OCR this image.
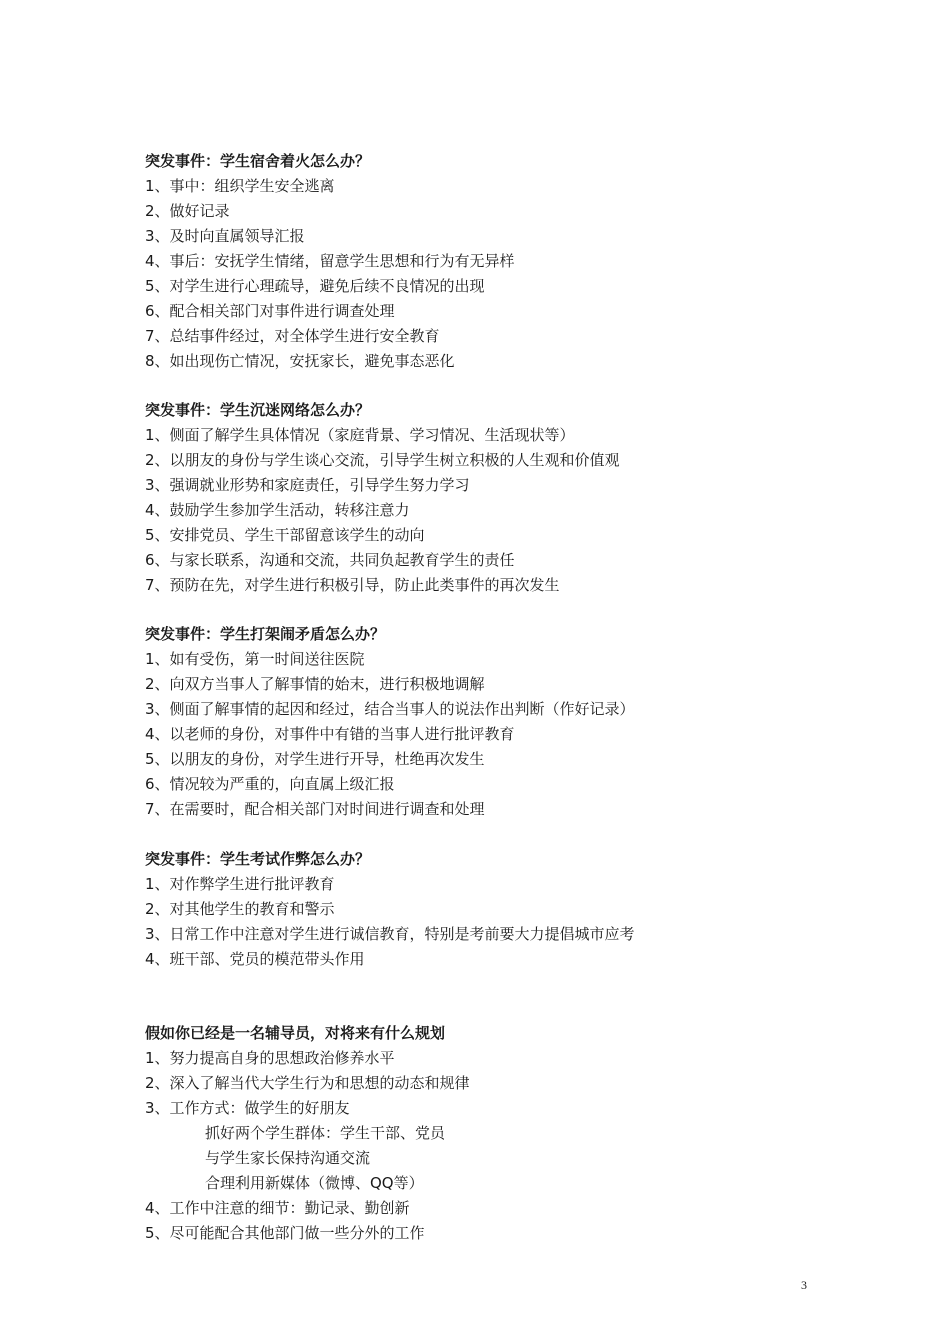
突发事件：学生宿舍着火怎么办？
1、事中：组织学生安全逃离
2、做好记录
3、及时向直属领导汇报
4、事后：安抚学生情绪，留意学生思想和行为有无异样
5、对学生进行心理疏导，避免后续不良情况的出现
6、配合相关部门对事件进行调查处理
7、总结事件经过，对全体学生进行安全教育
8、如出现伤亡情况，安抚家长，避免事态恶化
突发事件：学生沉迷网络怎么办？
1、侧面了解学生具体情况（家庭背景、学习情况、生活现状等）
2、以朋友的身份与学生谈心交流，引导学生树立积极的人生观和价值观
3、强调就业形势和家庭责任，引导学生努力学习
4、鼓励学生参加学生活动，转移注意力
5、安排党员、学生干部留意该学生的动向
6、与家长联系，沟通和交流，共同负起教育学生的责任
7、预防在先，对学生进行积极引导，防止此类事件的再次发生
突发事件：学生打架闹矛盾怎么办？
1、如有受伤，第一时间送往医院
2、向双方当事人了解事情的始末，进行积极地调解
3、侧面了解事情的起因和经过，结合当事人的说法作出判断（作好记录）
4、以老师的身份，对事件中有错的当事人进行批评教育
5、以朋友的身份，对学生进行开导，杜绝再次发生
6、情况较为严重的，向直属上级汇报
7、在需要时，配合相关部门对时间进行调查和处理
突发事件：学生考试作弊怎么办？
1、对作弊学生进行批评教育
2、对其他学生的教育和警示
3、日常工作中注意对学生进行诚信教育，特别是考前要大力提倡城市应考
4、班干部、党员的模范带头作用
假如你已经是一名辅导员，对将来有什么规划
1、努力提高自身的思想政治修养水平
2、深入了解当代大学生行为和思想的动态和规律
3、工作方式：做学生的好朋友
抓好两个学生群体：学生干部、党员
与学生家长保持沟通交流
合理利用新媒体（微博、QQ等）
4、工作中注意的细节：勤记录、勤创新
5、尽可能配合其他部门做一些分外的工作
3
